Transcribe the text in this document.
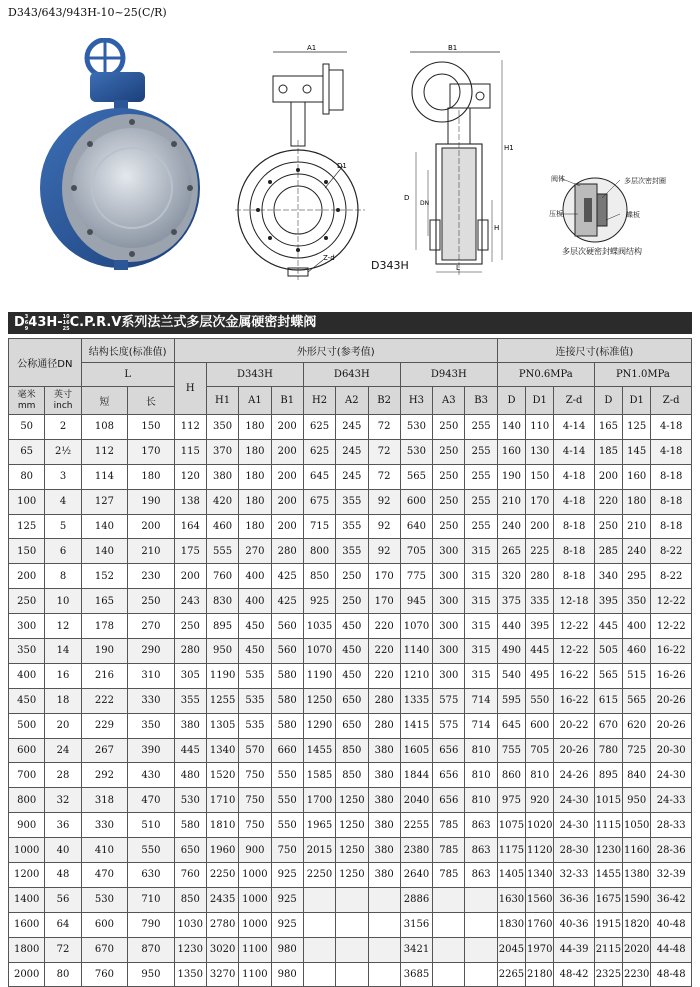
D343/643/943H-10~25(C/R)
A1
D1
Z-d
D343H
B1
D
DN
H1
H
L
阀体	多层次密封圈
压板	蝶板
多层次硬密封蝶阀结构
D 3
6
9 43H- 10
16
25 C.P.R.V系列法兰式多层次金属硬密封蝶阀
公称通径DN		结构长度(标准值)		外形尺寸(参考值)										连接尺寸(标准值)					
		L		H	D343H			D643H			D943H			PN0.6MPa			PN1.0MPa		
毫米 mm	英寸 inch	短	长		H1	A1	B1	H2	A2	B2	H3	A3	B3	D	D1	Z-d	D	D1	Z-d
50	2	108	150	112	350	180	200	625	245	72	530	250	255	140	110	4-14	165	125	4-18
65	2½	112	170	115	370	180	200	625	245	72	530	250	255	160	130	4-14	185	145	4-18
80	3	114	180	120	380	180	200	645	245	72	565	250	255	190	150	4-18	200	160	8-18
100	4	127	190	138	420	180	200	675	355	92	600	250	255	210	170	4-18	220	180	8-18
125	5	140	200	164	460	180	200	715	355	92	640	250	255	240	200	8-18	250	210	8-18
150	6	140	210	175	555	270	280	800	355	92	705	300	315	265	225	8-18	285	240	8-22
200	8	152	230	200	760	400	425	850	250	170	775	300	315	320	280	8-18	340	295	8-22
250	10	165	250	243	830	400	425	925	250	170	945	300	315	375	335	12-18	395	350	12-22
300	12	178	270	250	895	450	560	1035	450	220	1070	300	315	440	395	12-22	445	400	12-22
350	14	190	290	280	950	450	560	1070	450	220	1140	300	315	490	445	12-22	505	460	16-22
400	16	216	310	305	1190	535	580	1190	450	220	1210	300	315	540	495	16-22	565	515	16-26
450	18	222	330	355	1255	535	580	1250	650	280	1335	575	714	595	550	16-22	615	565	20-26
500	20	229	350	380	1305	535	580	1290	650	280	1415	575	714	645	600	20-22	670	620	20-26
600	24	267	390	445	1340	570	660	1455	850	380	1605	656	810	755	705	20-26	780	725	20-30
700	28	292	430	480	1520	750	550	1585	850	380	1844	656	810	860	810	24-26	895	840	24-30
800	32	318	470	530	1710	750	550	1700	1250	380	2040	656	810	975	920	24-30	1015	950	24-33
900	36	330	510	580	1810	750	550	1965	1250	380	2255	785	863	1075	1020	24-30	1115	1050	28-33
1000	40	410	550	650	1960	900	750	2015	1250	380	2380	785	863	1175	1120	28-30	1230	1160	28-36
1200	48	470	630	760	2250	1000	925	2250	1250	380	2640	785	863	1405	1340	32-33	1455	1380	32-39
1400	56	530	710	850	2435	1000	925				2886			1630	1560	36-36	1675	1590	36-42
1600	64	600	790	1030	2780	1000	925				3156			1830	1760	40-36	1915	1820	40-48
1800	72	670	870	1230	3020	1100	980				3421			2045	1970	44-39	2115	2020	44-48
2000	80	760	950	1350	3270	1100	980				3685			2265	2180	48-42	2325	2230	48-48
